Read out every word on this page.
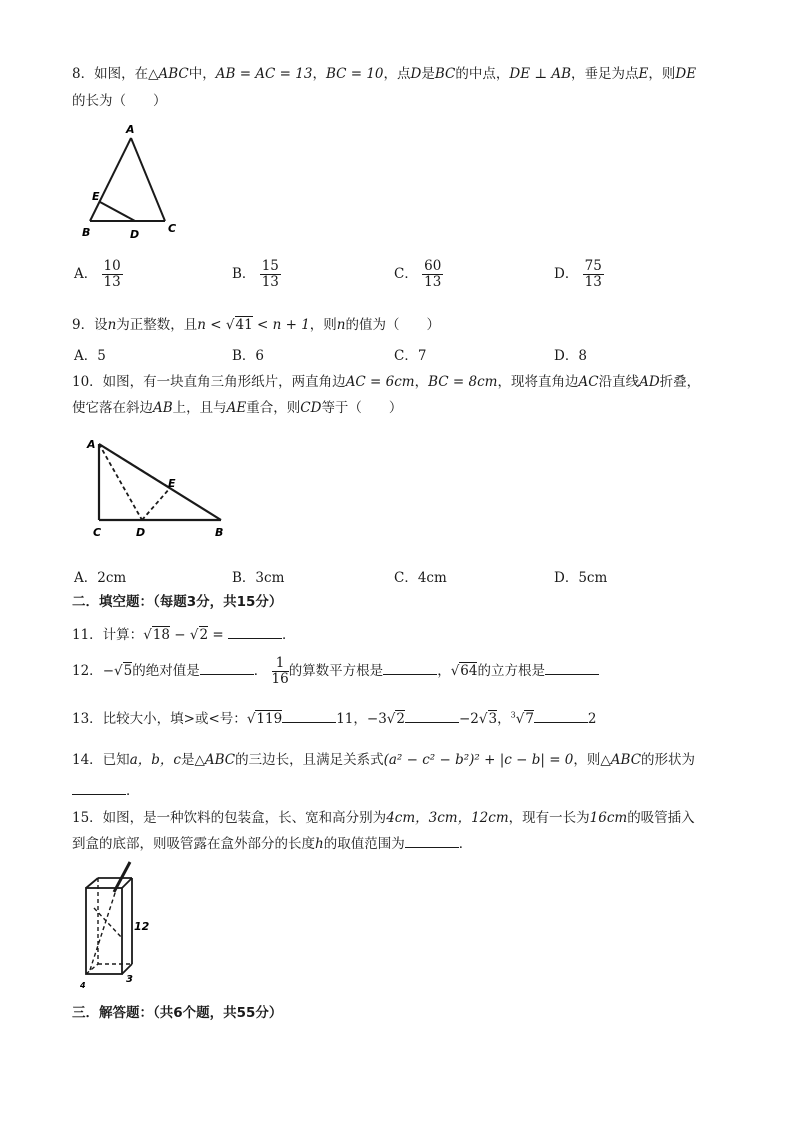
8．如图，在△ABC中，AB = AC = 13，BC = 10，点D是BC的中点，DE ⊥ AB，垂足为点E，则DE
的长为（　　）
A
E
B	D	C
A． $\frac{10}{13}$	B． $\frac{15}{13}$	C． $\frac{60}{13}$	D． $\frac{75}{13}$
9．设n为正整数，且n < √41 < n + 1，则n的值为（　　）
A．5	B．6	C．7	D．8
10．如图，有一块直角三角形纸片，两直角边AC = 6cm，BC = 8cm，现将直角边AC沿直线AD折叠，
使它落在斜边AB上，且与AE重合，则CD等于（　　）
A
E
C	D	B
A．2cm	B．3cm	C．4cm	D．5cm
二．填空题：（每题3分，共15分）
11．计算：√18 − √2 =	．
12．−√5的绝对值是	． $\frac{1}{16}$ 的算数平方根是	，√64的立方根是
13．比较大小，填>或<号：√119	11，−3√2	−2√3，$^3$√7	2
14．已知a，b，c是△ABC的三边长，且满足关系式(a² − c² − b²)² + |c − b| = 0，则△ABC的形状为
．
15．如图，是一种饮料的包装盒，长、宽和高分别为4cm，3cm，12cm，现有一长为16cm的吸管插入
到盒的底部，则吸管露在盒外部分的长度h的取值范围为	．
12
3
4
三．解答题：（共6个题，共55分）
